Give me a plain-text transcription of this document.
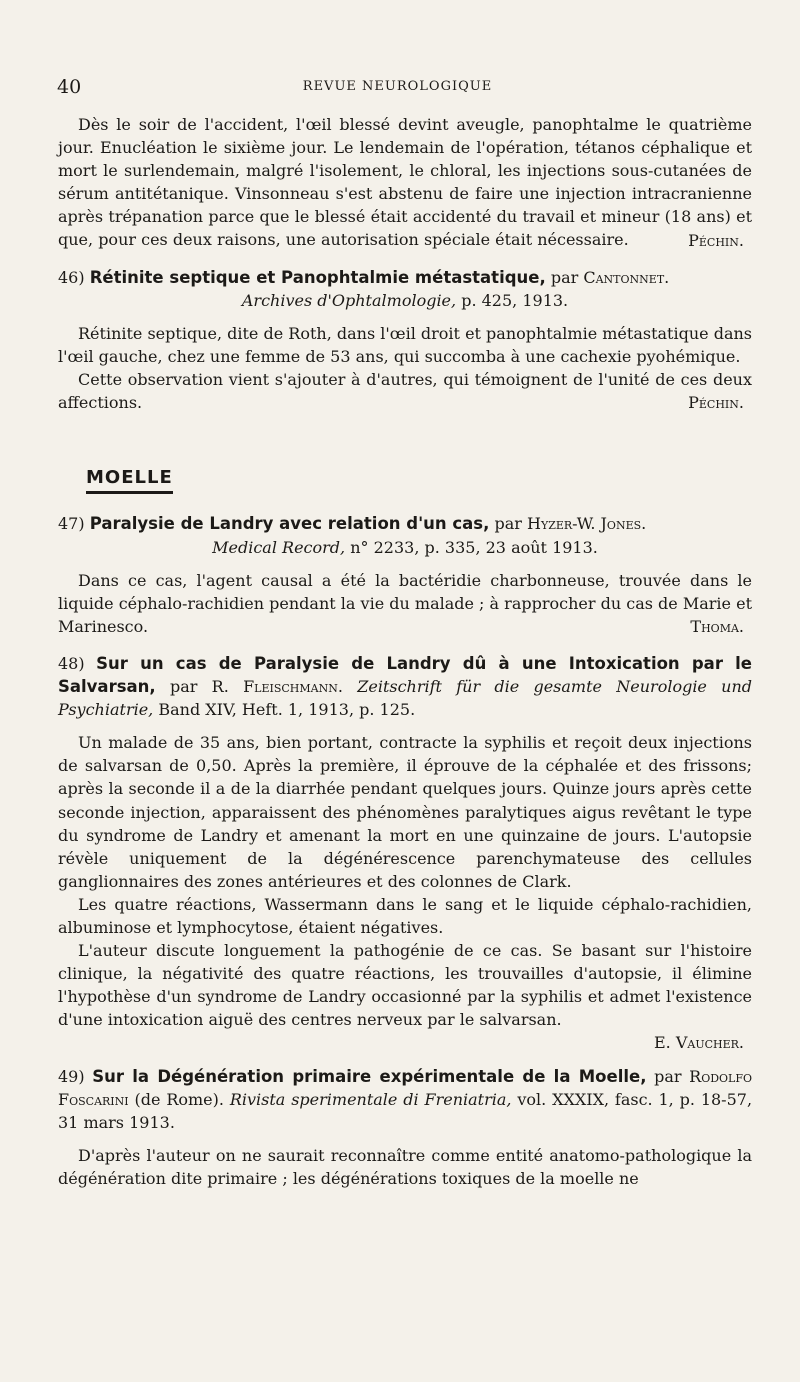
40	REVUE NEUROLOGIQUE

Dès le soir de l'accident, l'œil blessé devint aveugle, panophtalme le quatrième jour. Enucléation le sixième jour. Le lendemain de l'opération, tétanos céphalique et mort le surlendemain, malgré l'isolement, le chloral, les injections sous-cutanées de sérum antitétanique. Vinsonneau s'est abstenu de faire une injection intracranienne après trépanation parce que le blessé était accidenté du travail et mineur (18 ans) et que, pour ces deux raisons, une autorisation spéciale était nécessaire.	Péchin.

46) Rétinite septique et Panophtalmie métastatique, par Cantonnet.

Archives d'Ophtalmologie, p. 425, 1913.

Rétinite septique, dite de Roth, dans l'œil droit et panophtalmie métastatique dans l'œil gauche, chez une femme de 53 ans, qui succomba à une cachexie pyohémique.

Cette observation vient s'ajouter à d'autres, qui témoignent de l'unité de ces deux affections.	Péchin.

MOELLE

47) Paralysie de Landry avec relation d'un cas, par Hyzer-W. Jones.

Medical Record, n° 2233, p. 335, 23 août 1913.

Dans ce cas, l'agent causal a été la bactéridie charbonneuse, trouvée dans le liquide céphalo-rachidien pendant la vie du malade ; à rapprocher du cas de Marie et Marinesco.	Thoma.

48) Sur un cas de Paralysie de Landry dû à une Intoxication par le Salvarsan, par R. Fleischmann. Zeitschrift für die gesamte Neurologie und Psychiatrie, Band XIV, Heft. 1, 1913, p. 125.

Un malade de 35 ans, bien portant, contracte la syphilis et reçoit deux injections de salvarsan de 0,50. Après la première, il éprouve de la céphalée et des frissons; après la seconde il a de la diarrhée pendant quelques jours. Quinze jours après cette seconde injection, apparaissent des phénomènes paralytiques aigus revêtant le type du syndrome de Landry et amenant la mort en une quinzaine de jours. L'autopsie révèle uniquement de la dégénérescence parenchymateuse des cellules ganglionnaires des zones antérieures et des colonnes de Clark.

Les quatre réactions, Wassermann dans le sang et le liquide céphalo-rachidien, albuminose et lymphocytose, étaient négatives.

L'auteur discute longuement la pathogénie de ce cas. Se basant sur l'histoire clinique, la négativité des quatre réactions, les trouvailles d'autopsie, il élimine l'hypothèse d'un syndrome de Landry occasionné par la syphilis et admet l'existence d'une intoxication aiguë des centres nerveux par le salvarsan.

E. Vaucher.

49) Sur la Dégénération primaire expérimentale de la Moelle, par Rodolfo Foscarini (de Rome). Rivista sperimentale di Freniatria, vol. XXXIX, fasc. 1, p. 18-57, 31 mars 1913.

D'après l'auteur on ne saurait reconnaître comme entité anatomo-pathologique la dégénération dite primaire ; les dégénérations toxiques de la moelle ne
